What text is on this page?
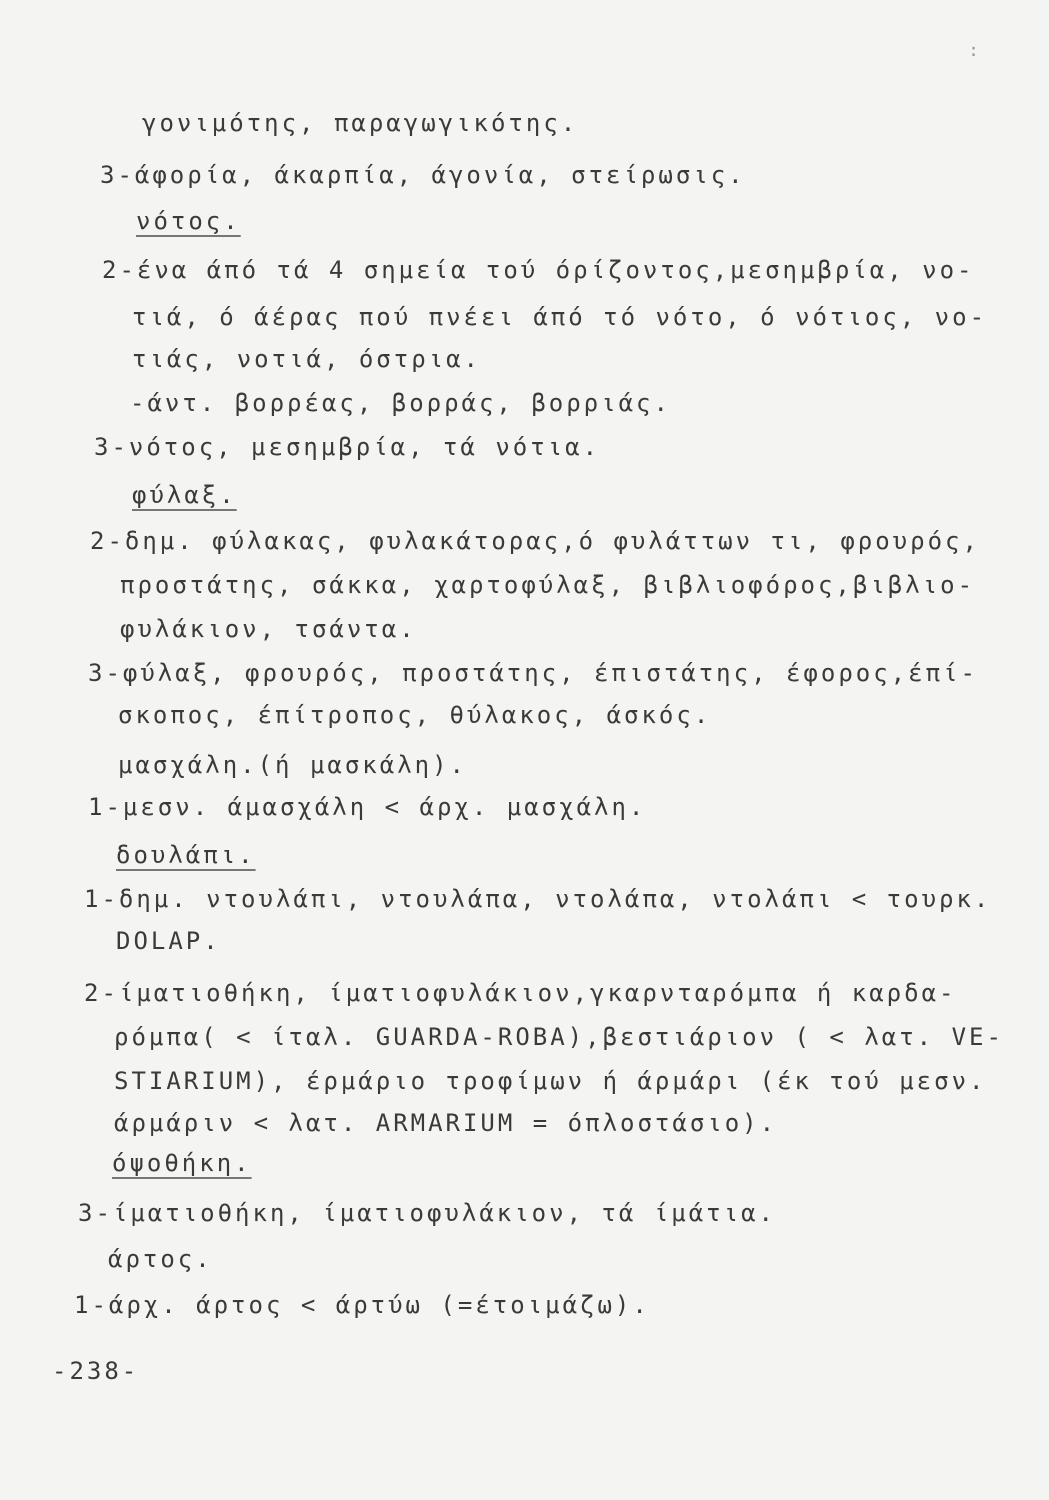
:
γονιμότης, παραγωγικότης.
3-άφορία, άκαρπία, άγονία, στείρωσις.
νότος.
2-ένα άπό τά 4 σημεία τού όρίζοντος,μεσημβρία, νο-
τιά, ό άέρας πού πνέει άπό τό νότο, ό νότιος, νο-
τιάς, νοτιά, όστρια.
-άντ. βορρέας, βορράς, βορριάς.
3-νότος, μεσημβρία, τά νότια.
φύλαξ.
2-δημ. φύλακας, φυλακάτορας,ό φυλάττων τι, φρουρός,
προστάτης, σάκκα, χαρτοφύλαξ, βιβλιοφόρος,βιβλιο-
φυλάκιον, τσάντα.
3-φύλαξ, φρουρός, προστάτης, έπιστάτης, έφορος,έπί-
σκοπος, έπίτροπος, θύλακος, άσκός.
μασχάλη.(ή μασκάλη).
1-μεσν. άμασχάλη < άρχ. μασχάλη.
δουλάπι.
1-δημ. ντουλάπι, ντουλάπα, ντολάπα, ντολάπι < τουρκ.
DOLAP.
2-ίματιοθήκη, ίματιοφυλάκιον,γκαρνταρόμπα ή καρδα-
ρόμπα( < ίταλ. GUARDA-ROBA),βεστιάριον ( < λατ. VE-
STIARIUM), έρμάριο τροφίμων ή άρμάρι (έκ τού μεσν.
άρμάριν < λατ. ARMARIUM = όπλοστάσιο).
όψοθήκη.
3-ίματιοθήκη, ίματιοφυλάκιον, τά ίμάτια.
άρτος.
1-άρχ. άρτος < άρτύω (=έτοιμάζω).
-238-
